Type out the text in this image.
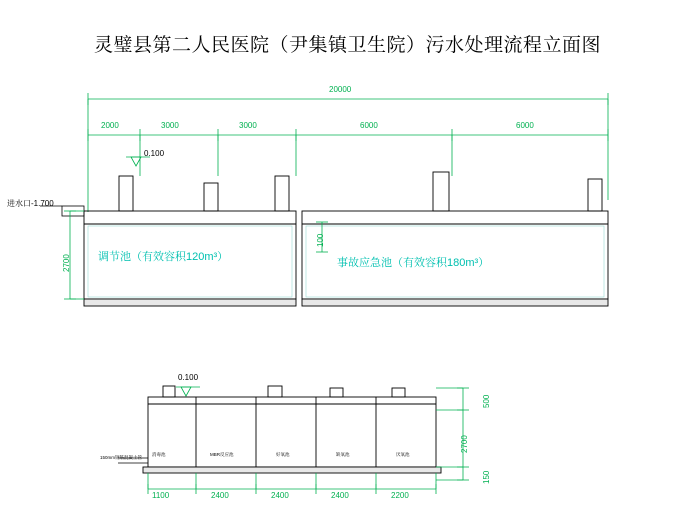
灵璧县第二人民医院（尹集镇卫生院）污水处理流程立面图
20000
2000	3000	3000	6000	6000
0.100
进水口-1.700
2700
100
调节池（有效容积120m³）	事故应急池（有效容积180m³）
0.100
150mm钢筋混凝土管
消毒池	MBR反应池	好氧池	缺氧池	厌氧池
1100	2400	2400	2400	2200
500
2700
150
